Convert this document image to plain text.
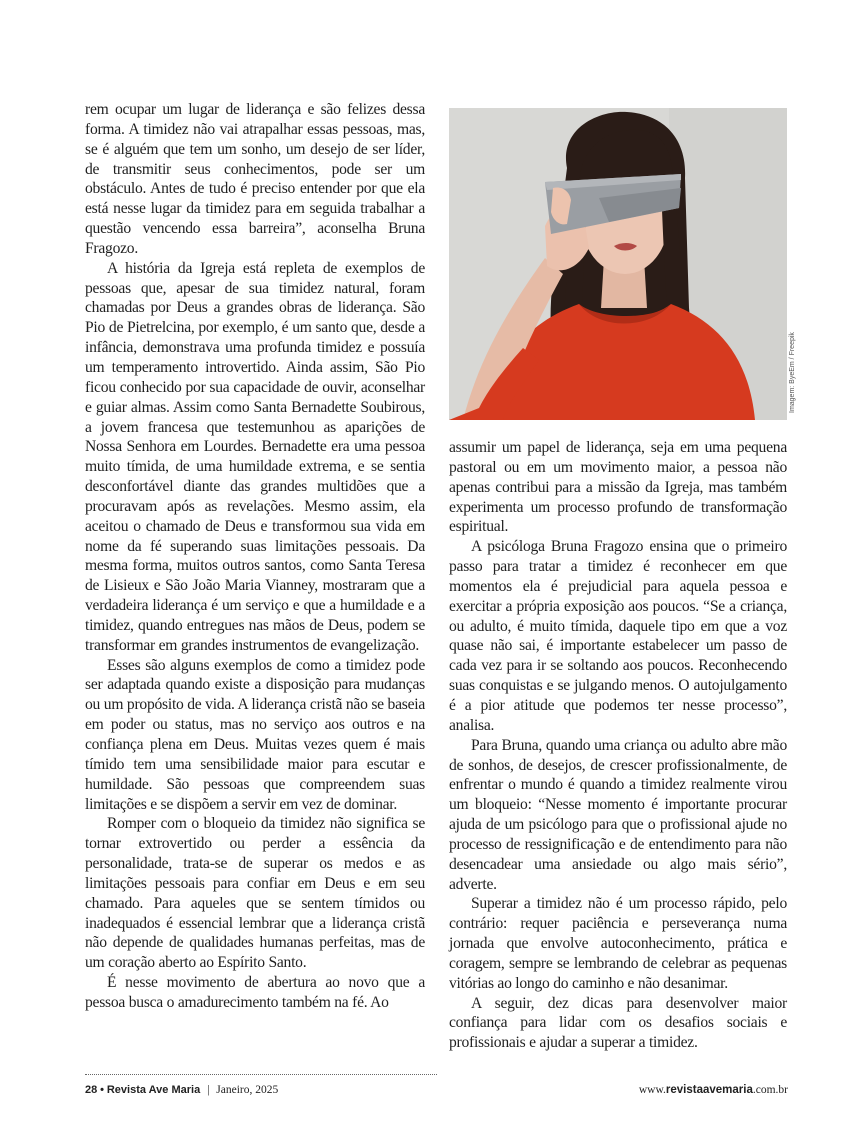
rem ocupar um lugar de liderança e são felizes dessa forma. A timidez não vai atrapalhar essas pessoas, mas, se é alguém que tem um sonho, um desejo de ser líder, de transmitir seus conhecimentos, pode ser um obstáculo. Antes de tudo é preciso entender por que ela está nesse lugar da timidez para em seguida trabalhar a questão vencendo essa barreira”, aconselha Bruna Fragozo.

A história da Igreja está repleta de exemplos de pessoas que, apesar de sua timidez natural, foram chamadas por Deus a grandes obras de liderança. São Pio de Pietrelcina, por exemplo, é um santo que, desde a infância, demonstrava uma profunda timidez e possuía um temperamento introvertido. Ainda assim, São Pio ficou conhecido por sua capacidade de ouvir, aconselhar e guiar almas. Assim como Santa Bernadette Soubirous, a jovem francesa que testemunhou as aparições de Nossa Senhora em Lourdes. Bernadette era uma pessoa muito tímida, de uma humildade extrema, e se sentia desconfortável diante das grandes multidões que a procuravam após as revelações. Mesmo assim, ela aceitou o chamado de Deus e transformou sua vida em nome da fé superando suas limitações pessoais. Da mesma forma, muitos outros santos, como Santa Teresa de Lisieux e São João Maria Vianney, mostraram que a verdadeira liderança é um serviço e que a humildade e a timidez, quando entregues nas mãos de Deus, podem se transformar em grandes instrumentos de evangelização.

Esses são alguns exemplos de como a timidez pode ser adaptada quando existe a disposição para mudanças ou um propósito de vida. A liderança cristã não se baseia em poder ou status, mas no serviço aos outros e na confiança plena em Deus. Muitas vezes quem é mais tímido tem uma sensibilidade maior para escutar e humildade. São pessoas que compreendem suas limitações e se dispõem a servir em vez de dominar.

Romper com o bloqueio da timidez não significa se tornar extrovertido ou perder a essência da personalidade, trata-se de superar os medos e as limitações pessoais para confiar em Deus e em seu chamado. Para aqueles que se sentem tímidos ou inadequados é essencial lembrar que a liderança cristã não depende de qualidades humanas perfeitas, mas de um coração aberto ao Espírito Santo.

É nesse movimento de abertura ao novo que a pessoa busca o amadurecimento também na fé. Ao

Imagem: ByeEm / Freepik

assumir um papel de liderança, seja em uma pequena pastoral ou em um movimento maior, a pessoa não apenas contribui para a missão da Igreja, mas também experimenta um processo profundo de transformação espiritual.

A psicóloga Bruna Fragozo ensina que o primeiro passo para tratar a timidez é reconhecer em que momentos ela é prejudicial para aquela pessoa e exercitar a própria exposição aos poucos. “Se a criança, ou adulto, é muito tímida, daquele tipo em que a voz quase não sai, é importante estabelecer um passo de cada vez para ir se soltando aos poucos. Reconhecendo suas conquistas e se julgando menos. O autojulgamento é a pior atitude que podemos ter nesse processo”, analisa.

Para Bruna, quando uma criança ou adulto abre mão de sonhos, de desejos, de crescer profissionalmente, de enfrentar o mundo é quando a timidez realmente virou um bloqueio: “Nesse momento é importante procurar ajuda de um psicólogo para que o profissional ajude no processo de ressignificação e de entendimento para não desencadear uma ansiedade ou algo mais sério”, adverte.

Superar a timidez não é um processo rápido, pelo contrário: requer paciência e perseverança numa jornada que envolve autoconhecimento, prática e coragem, sempre se lembrando de celebrar as pequenas vitórias ao longo do caminho e não desanimar.

A seguir, dez dicas para desenvolver maior confiança para lidar com os desafios sociais e profissionais e ajudar a superar a timidez.

28 • Revista Ave Maria | Janeiro, 2025	www.revistaavemaria.com.br
